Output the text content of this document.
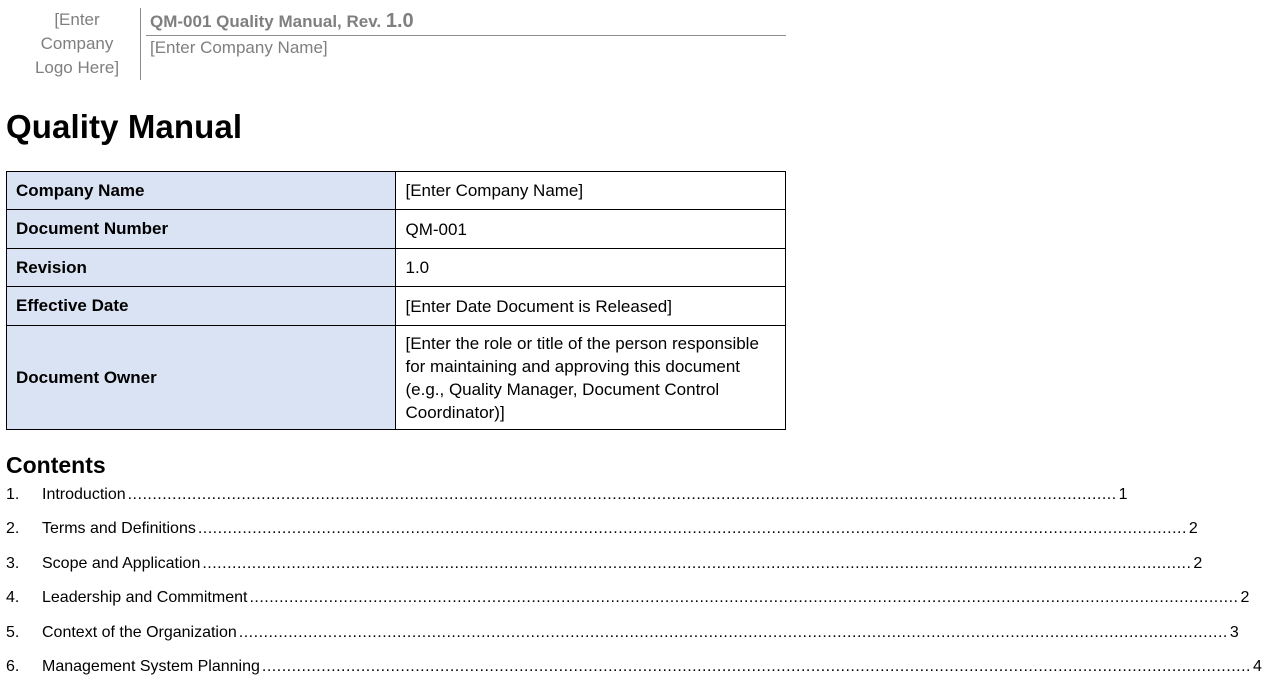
[Enter
Company
Logo Here]
QM-001 Quality Manual, Rev. 1.0
[Enter Company Name]
Quality Manual
Company Name	[Enter Company Name]
Document Number	QM-001
Revision	1.0
Effective Date	[Enter Date Document is Released]
Document Owner	[Enter the role or title of the person responsible
for maintaining and approving this document
(e.g., Quality Manager, Document Control
Coordinator)]
Contents
1.	Introduction ........................................................................................................................................................................................................ 1
2.	Terms and Definitions ........................................................................................................................................................................................................ 2
3.	Scope and Application ........................................................................................................................................................................................................ 2
4.	Leadership and Commitment ........................................................................................................................................................................................................ 2
5.	Context of the Organization ........................................................................................................................................................................................................ 3
6.	Management System Planning ........................................................................................................................................................................................................ 4
